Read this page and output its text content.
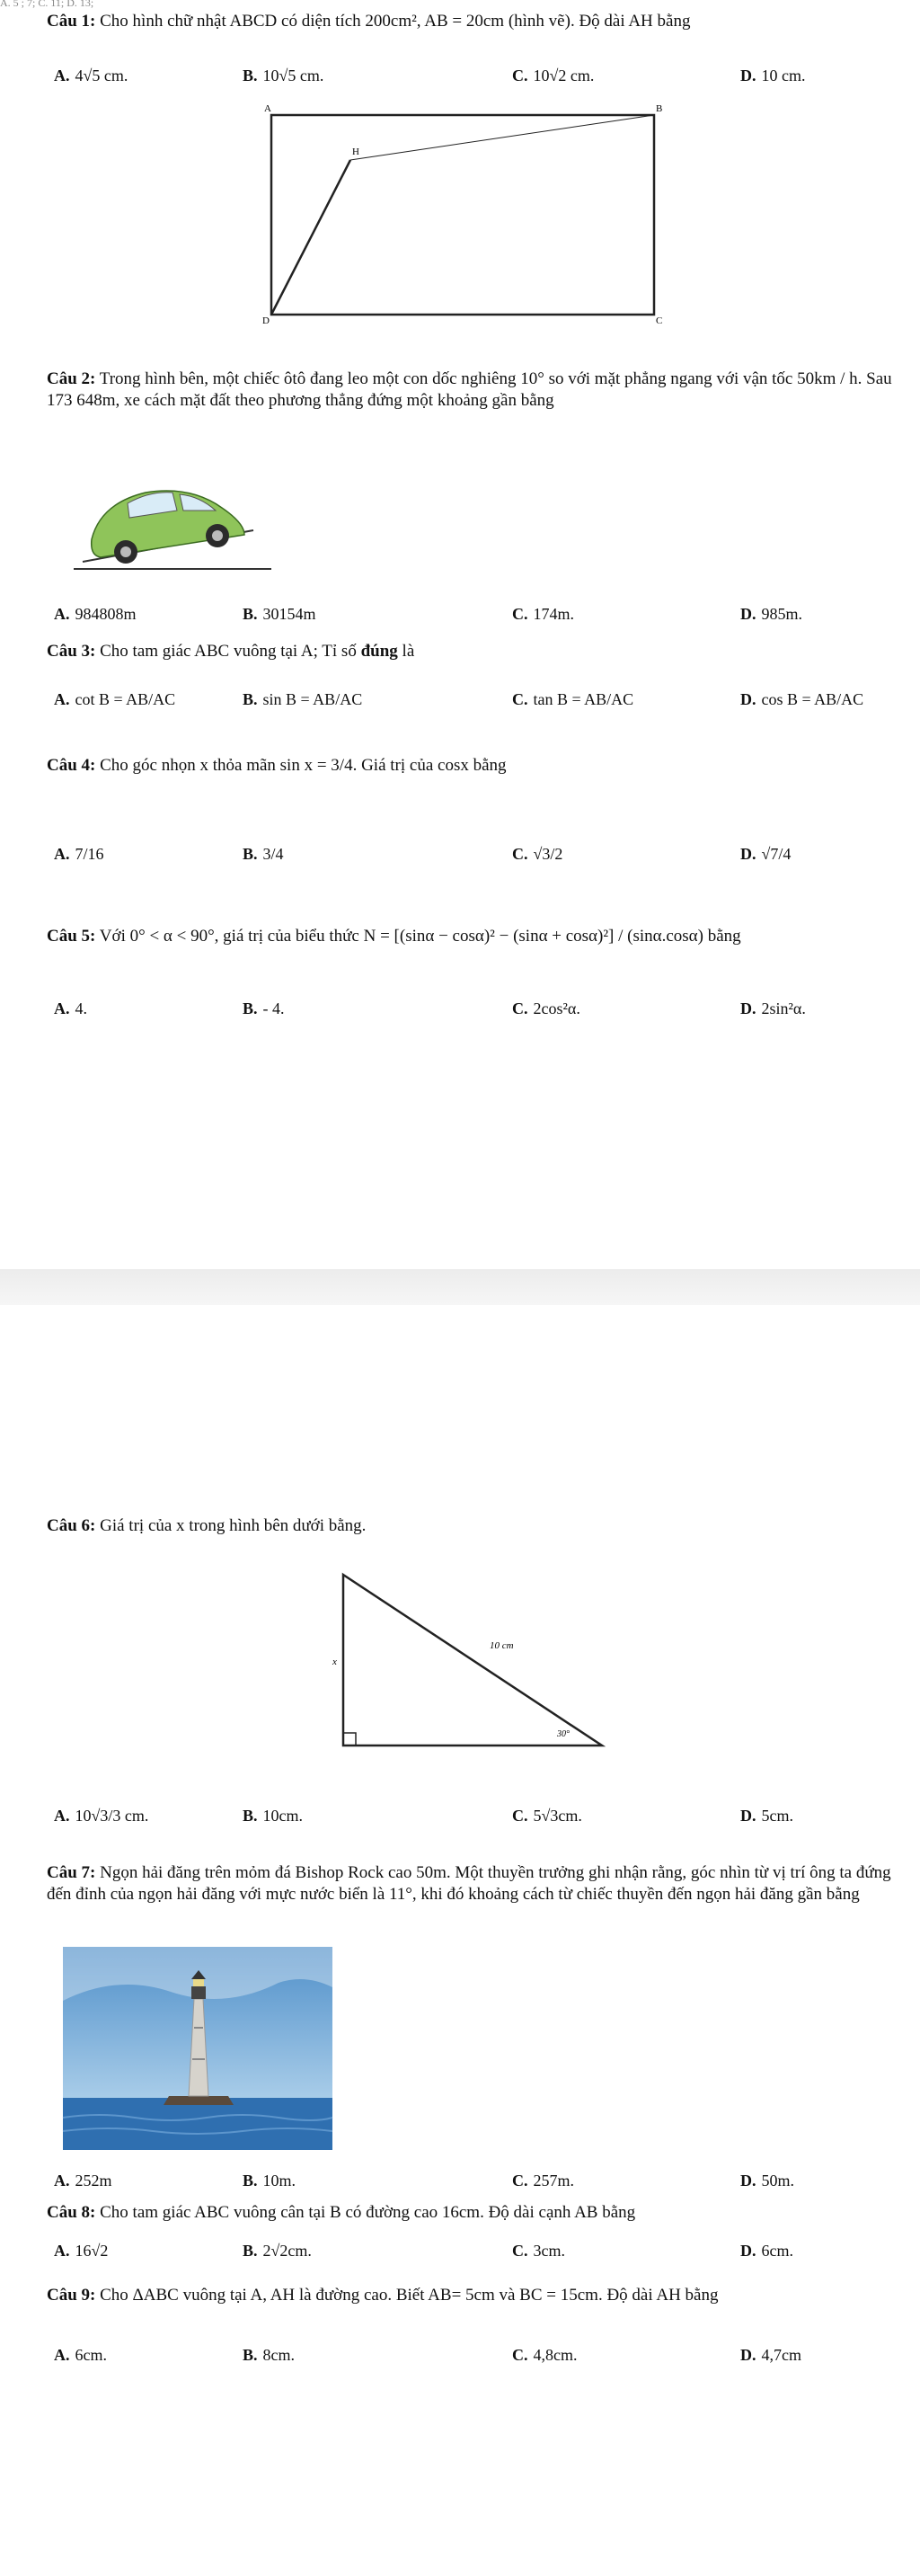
A. 5 ; 7; C. 11; D. 13;
Câu 1: Cho hình chữ nhật ABCD có diện tích 200cm², AB = 20cm (hình vẽ). Độ dài AH bằng
A. 4√5 cm.	B. 10√5 cm.	C. 10√2 cm.	D. 10 cm.
A	B
C
D
H
Câu 2: Trong hình bên, một chiếc ôtô đang leo một con dốc nghiêng 10° so với mặt phẳng ngang với vận tốc 50km / h. Sau 173 648m, xe cách mặt đất theo phương thẳng đứng một khoảng gần bằng
A. 984808m	B. 30154m	C. 174m.	D. 985m.
Câu 3: Cho tam giác ABC vuông tại A; Tỉ số đúng là
A. cot B = AB/AC	B. sin B = AB/AC	C. tan B = AB/AC	D. cos B = AB/AC
Câu 4: Cho góc nhọn x thỏa mãn sin x = 3/4. Giá trị của cosx bằng
A. 7/16	B. 3/4	C. √3/2	D. √7/4
Câu 5: Với 0° < α < 90°, giá trị của biểu thức N = [(sinα − cosα)² − (sinα + cosα)²] / (sinα.cosα) bằng
A. 4.	B. - 4.	C. 2cos²α.	D. 2sin²α.
Câu 6: Giá trị của x trong hình bên dưới bằng.
10 cm
x
30°
A. 10√3/3 cm.	B. 10cm.	C. 5√3cm.	D. 5cm.
Câu 7: Ngọn hải đăng trên mỏm đá Bishop Rock cao 50m. Một thuyền trưởng ghi nhận rằng, góc nhìn từ vị trí ông ta đứng đến đỉnh của ngọn hải đăng với mực nước biển là 11°, khi đó khoảng cách từ chiếc thuyền đến ngọn hải đăng gần bằng
A. 252m	B. 10m.	C. 257m.	D. 50m.
Câu 8: Cho tam giác ABC vuông cân tại B có đường cao 16cm. Độ dài cạnh AB bằng
A. 16√2	B. 2√2cm.	C. 3cm.	D. 6cm.
Câu 9: Cho ΔABC vuông tại A, AH là đường cao. Biết AB= 5cm và BC = 15cm. Độ dài AH bằng
A. 6cm.	B. 8cm.	C. 4,8cm.	D. 4,7cm
